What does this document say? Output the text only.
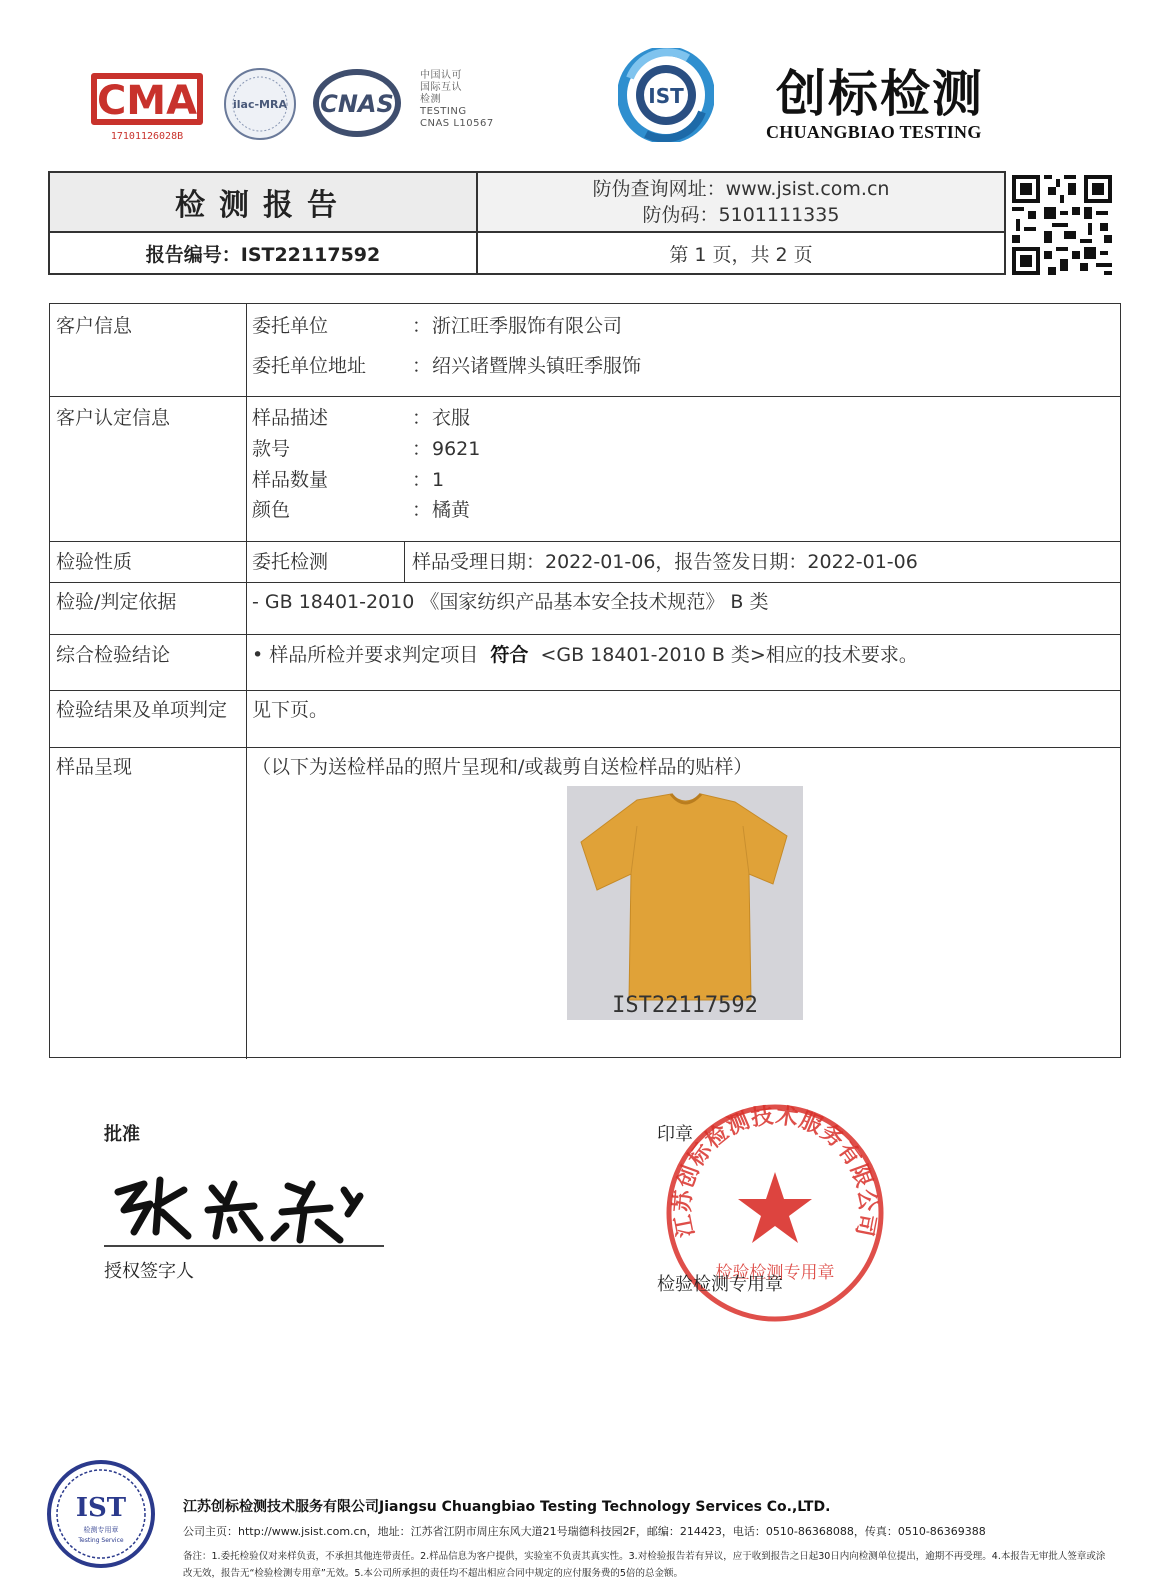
CMA
17101126028B
ilac-MRA CNAS
中国认可
国际互认
检测
TESTING
CNAS L10567
IST 创标检测
CHUANGBIAO TESTING
检测报告	防伪查询网址：www.jsist.com.cn
防伪码：5101111335
报告编号：IST22117592	第 1 页，共 2 页
客户信息	委托单位	： 浙江旺季服饰有限公司
委托单位地址 ： 绍兴诸暨牌头镇旺季服饰
客户认定信息	样品描述	： 衣服
款号	： 9621
样品数量	： 1
颜色	： 橘黄
检验性质	委托检测	样品受理日期：2022-01-06，报告签发日期：2022-01-06
检验/判定依据	- GB 18401-2010 《国家纺织产品基本安全技术规范》 B 类
综合检验结论	• 样品所检并要求判定项目 符合 <GB 18401-2010 B 类>相应的技术要求。
检验结果及单项判定 见下页。
样品呈现	（以下为送检样品的照片呈现和/或裁剪自送检样品的贴样）
IST22117592
批准
授权签字人
印章
江苏创标检测技术服务有限公司
检验检测专用章
检验检测专用章
IST
检测专用章
Testing Service
江苏创标检测技术服务有限公司Jiangsu Chuangbiao Testing Technology Services Co.,LTD.
公司主页：http://www.jsist.com.cn，地址：江苏省江阴市周庄东风大道21号瑞德科技园2F，邮编：214423，电话：0510-86368088，传真：0510-86369388
备注：1.委托检验仅对来样负责，不承担其他连带责任。2.样品信息为客户提供，实验室不负责其真实性。3.对检验报告若有异议，应于收到报告之日起30日内向检测单位提出，逾期不再受理。4.本报告无审批人签章或涂改无效，报告无“检验检测专用章”无效。5.本公司所承担的责任均不超出相应合同中规定的应付服务费的5倍的总金额。
